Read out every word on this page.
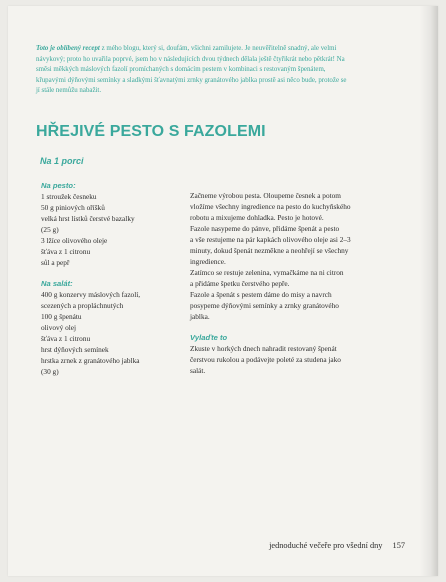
Toto je oblíbený recept z mého blogu, který si, doufám, všichni zamilujete. Je neuvěřitelně snadný, ale velmi návykový; proto ho uvařila poprvé, jsem ho v následujících dvou týdnech dělala ještě čtyřikrát nebo pětkrát! Na směsi měkkých máslových fazolí promíchaných s domácím pestem v kombinaci s restovaným špenátem, křupavými dýňovými semínky a sladkými šťavnatými zrnky granátového jablka prostě asi něco bude, protože se jí stále nemůžu nabažit.
HŘEJIVÉ PESTO S FAZOLEMI
Na 1 porci
Na pesto:
1 stroužek česneku
50 g piniových oříšků
velká hrst lístků čerstvé bazalky
(25 g)
3 lžíce olivového oleje
šťáva z 1 citronu
sůl a pepř
Na salát:
400 g konzervy máslových fazolí,
scezených a propláchnutých
100 g špenátu
olivový olej
šťáva z 1 citronu
hrst dýňových semínek
hrstka zrnek z granátového jablka
(30 g)
Začneme výrobou pesta. Oloupeme česnek a potom
vložíme všechny ingredience na pesto do kuchyňského
robotu a mixujeme dohladka. Pesto je hotové.
Fazole nasypeme do pánve, přidáme špenát a pesto
a vše restujeme na pár kapkách olivového oleje asi 2–3
minuty, dokud špenát nezměkne a neohřejí se všechny
ingredience.
Zatímco se restuje zelenina, vymačkáme na ni citron
a přidáme špetku čerstvého pepře.
Fazole a špenát s pestem dáme do misy a navrch
posypeme dýňovými semínky a zrnky granátového
jablka.
Vylaďte to
Zkuste v horkých dnech nahradit restovaný špenát
čerstvou rukolou a podávejte poleté za studena jako
salát.
jednoduché večeře pro všední dny 157
